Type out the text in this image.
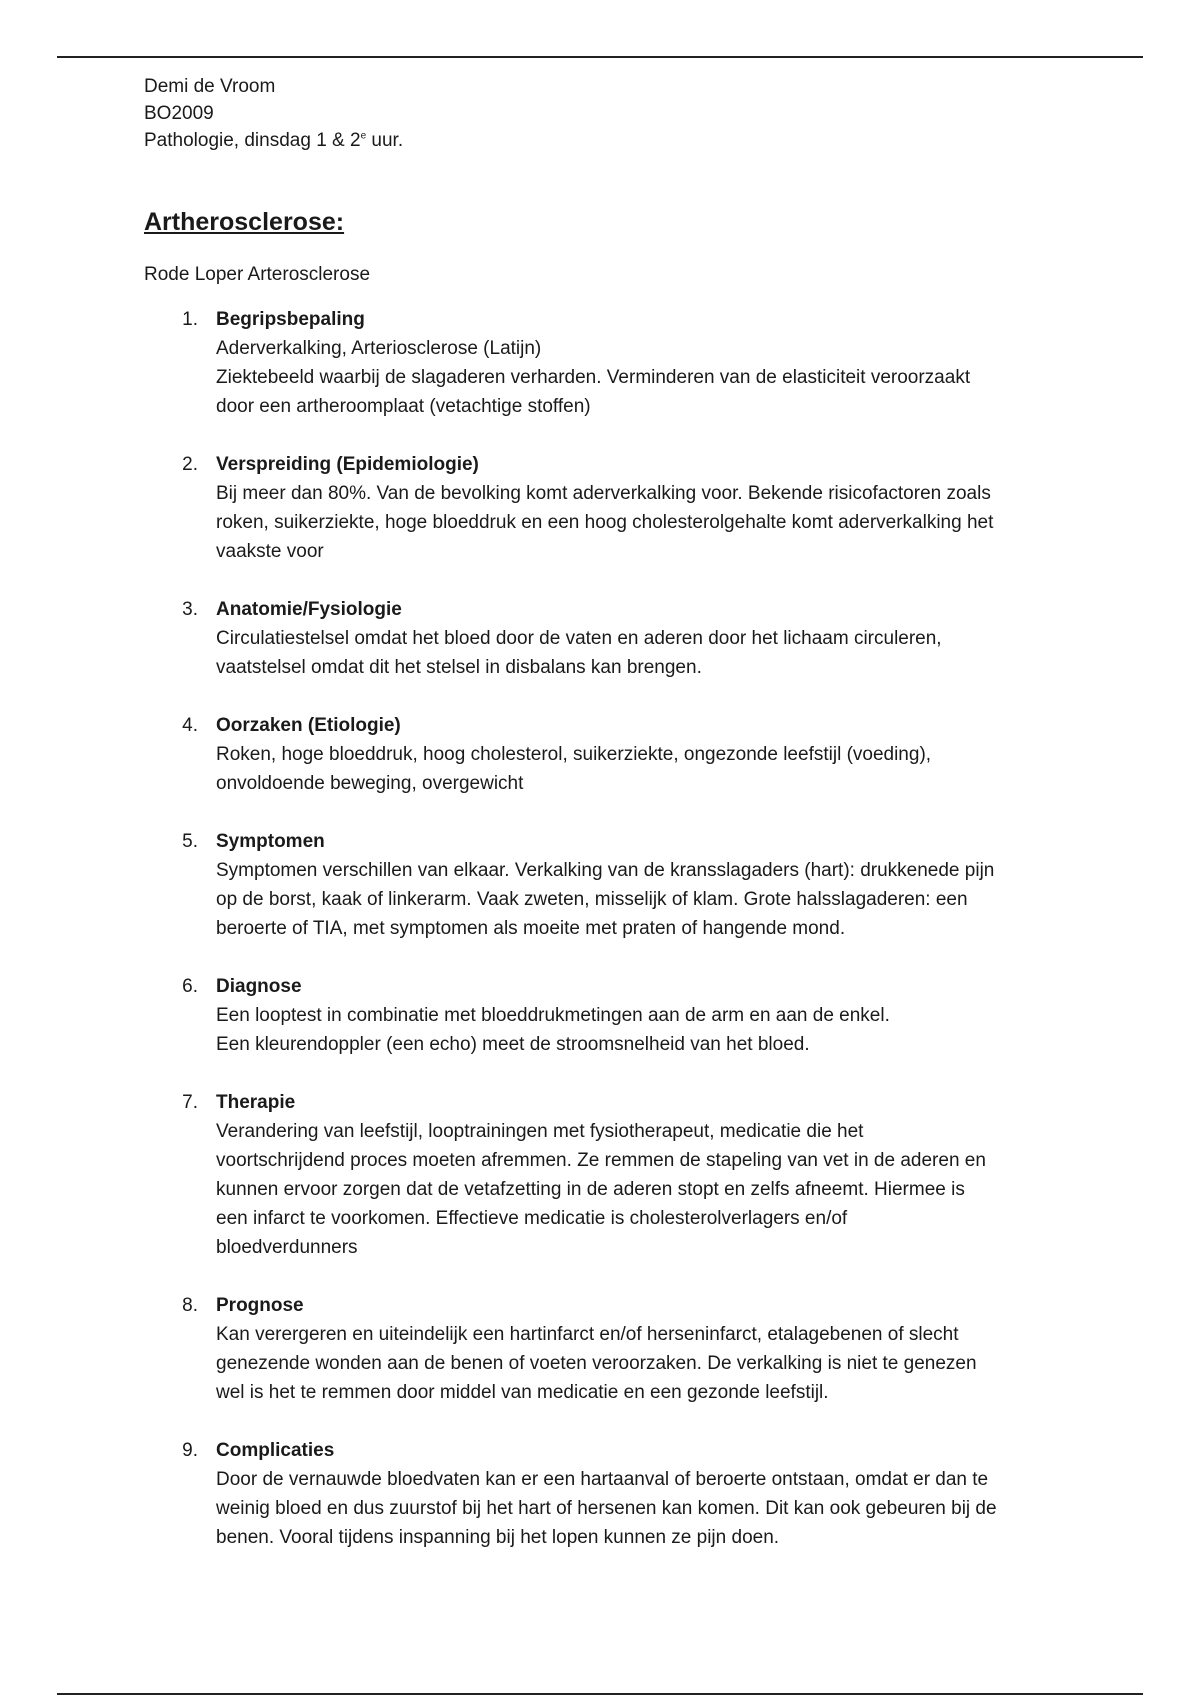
Demi de Vroom
BO2009
Pathologie, dinsdag 1 & 2e uur.
Artherosclerose:
Rode Loper Arterosclerose
1. Begripsbepaling
Aderverkalking, Arteriosclerose (Latijn)
Ziektebeeld waarbij de slagaderen verharden. Verminderen van de elasticiteit veroorzaakt
door een artheroomplaat (vetachtige stoffen)
2. Verspreiding (Epidemiologie)
Bij meer dan 80%. Van de bevolking komt aderverkalking voor. Bekende risicofactoren zoals
roken, suikerziekte, hoge bloeddruk en een hoog cholesterolgehalte komt aderverkalking het
vaakste voor
3. Anatomie/Fysiologie
Circulatiestelsel omdat het bloed door de vaten en aderen door het lichaam circuleren,
vaatstelsel omdat dit het stelsel in disbalans kan brengen.
4. Oorzaken (Etiologie)
Roken, hoge bloeddruk, hoog cholesterol, suikerziekte, ongezonde leefstijl (voeding),
onvoldoende beweging, overgewicht
5. Symptomen
Symptomen verschillen van elkaar. Verkalking van de kransslagaders (hart): drukkenede pijn
op de borst, kaak of linkerarm. Vaak zweten, misselijk of klam. Grote halsslagaderen: een
beroerte of TIA, met symptomen als moeite met praten of hangende mond.
6. Diagnose
Een looptest in combinatie met bloeddrukmetingen aan de arm en aan de enkel.
Een kleurendoppler (een echo) meet de stroomsnelheid van het bloed.
7. Therapie
Verandering van leefstijl, looptrainingen met fysiotherapeut, medicatie die het
voortschrijdend proces moeten afremmen. Ze remmen de stapeling van vet in de aderen en
kunnen ervoor zorgen dat de vetafzetting in de aderen stopt en zelfs afneemt. Hiermee is
een infarct te voorkomen. Effectieve medicatie is cholesterolverlagers en/of
bloedverdunners
8. Prognose
Kan verergeren en uiteindelijk een hartinfarct en/of herseninfarct, etalagebenen of slecht
genezende wonden aan de benen of voeten veroorzaken. De verkalking is niet te genezen
wel is het te remmen door middel van medicatie en een gezonde leefstijl.
9. Complicaties
Door de vernauwde bloedvaten kan er een hartaanval of beroerte ontstaan, omdat er dan te
weinig bloed en dus zuurstof bij het hart of hersenen kan komen. Dit kan ook gebeuren bij de
benen. Vooral tijdens inspanning bij het lopen kunnen ze pijn doen.
